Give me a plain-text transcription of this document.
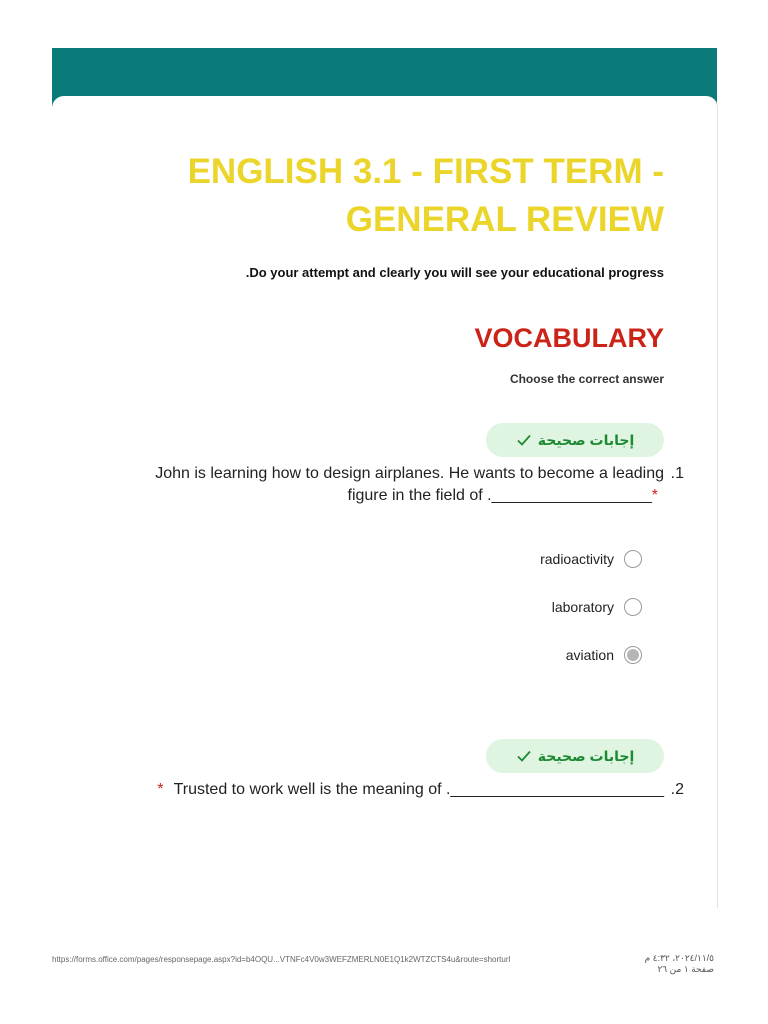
ENGLISH 3.1 - FIRST TERM - GENERAL REVIEW
.Do your attempt and clearly you will see your educational progress
VOCABULARY
Choose the correct answer
إجابات صحيحة
.1
John is learning how to design airplanes. He wants to become a leading figure in the field of .__________________*
radioactivity
laboratory
aviation
إجابات صحيحة
.2
* Trusted to work well is the meaning of .________________________
https://forms.office.com/pages/responsepage.aspx?id=b4OQU...VTNFc4V0w3WEFZMERLN0E1Q1k2WTZCTS4u&route=shorturl	٢٠٢٤/١١/٥، ٤:٣٢ م
صفحة ١ من ٢٦
